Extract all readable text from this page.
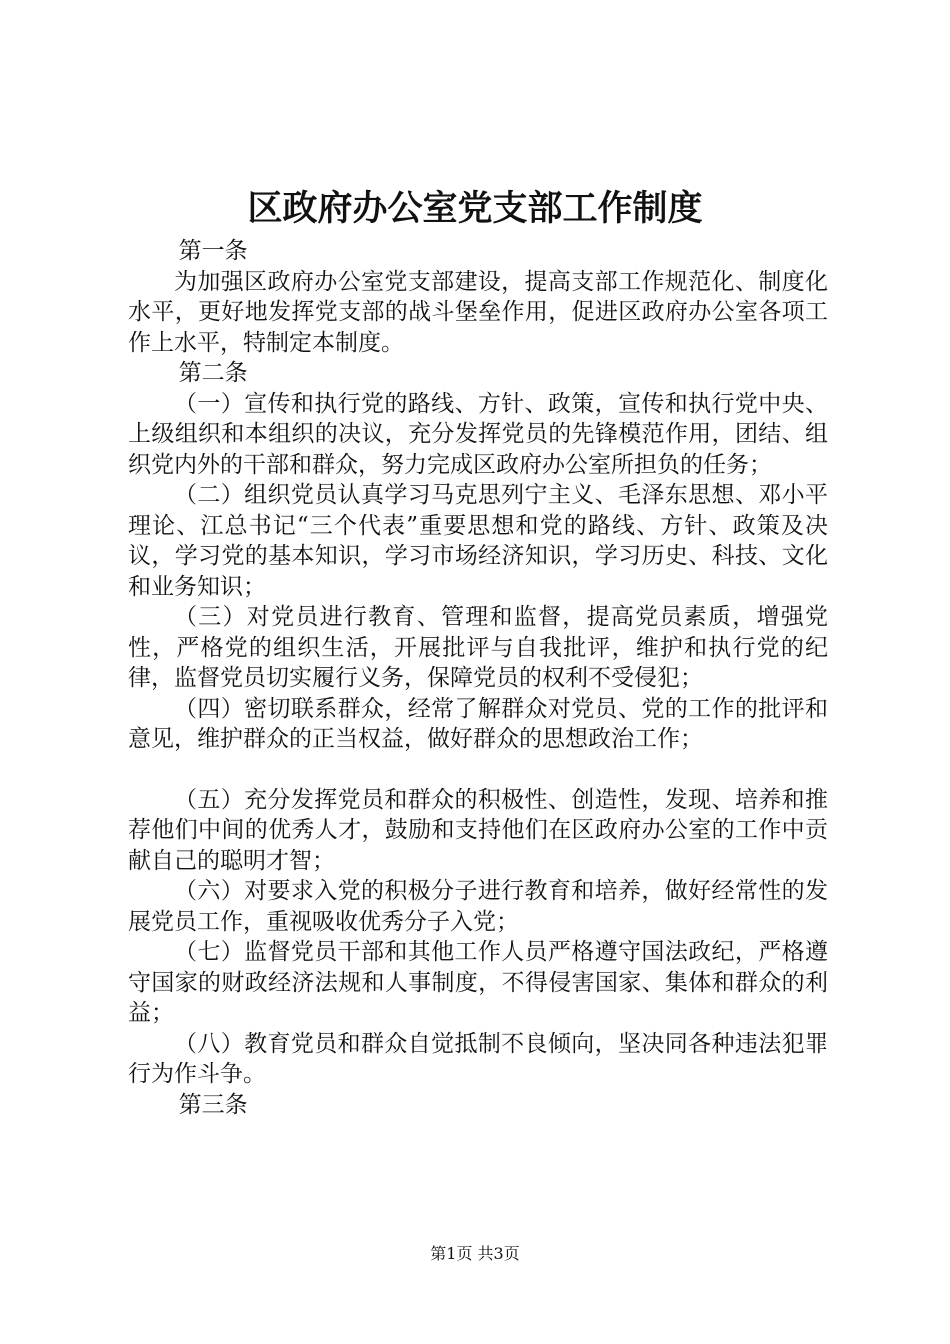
区政府办公室党支部工作制度

第一条

为加强区政府办公室党支部建设，提高支部工作规范化、制度化水平，更好地发挥党支部的战斗堡垒作用，促进区政府办公室各项工作上水平，特制定本制度。

第二条

（一）宣传和执行党的路线、方针、政策，宣传和执行党中央、上级组织和本组织的决议，充分发挥党员的先锋模范作用，团结、组织党内外的干部和群众，努力完成区政府办公室所担负的任务；

（二）组织党员认真学习马克思列宁主义、毛泽东思想、邓小平理论、江总书记“三个代表”重要思想和党的路线、方针、政策及决议，学习党的基本知识，学习市场经济知识，学习历史、科技、文化和业务知识；

（三）对党员进行教育、管理和监督，提高党员素质，增强党性，严格党的组织生活，开展批评与自我批评，维护和执行党的纪律，监督党员切实履行义务，保障党员的权利不受侵犯；

（四）密切联系群众，经常了解群众对党员、党的工作的批评和意见，维护群众的正当权益，做好群众的思想政治工作；

（五）充分发挥党员和群众的积极性、创造性，发现、培养和推荐他们中间的优秀人才，鼓励和支持他们在区政府办公室的工作中贡献自己的聪明才智；

（六）对要求入党的积极分子进行教育和培养，做好经常性的发展党员工作，重视吸收优秀分子入党；

（七）监督党员干部和其他工作人员严格遵守国法政纪，严格遵守国家的财政经济法规和人事制度，不得侵害国家、集体和群众的利益；

（八）教育党员和群众自觉抵制不良倾向，坚决同各种违法犯罪行为作斗争。

第三条

第1页 共3页
